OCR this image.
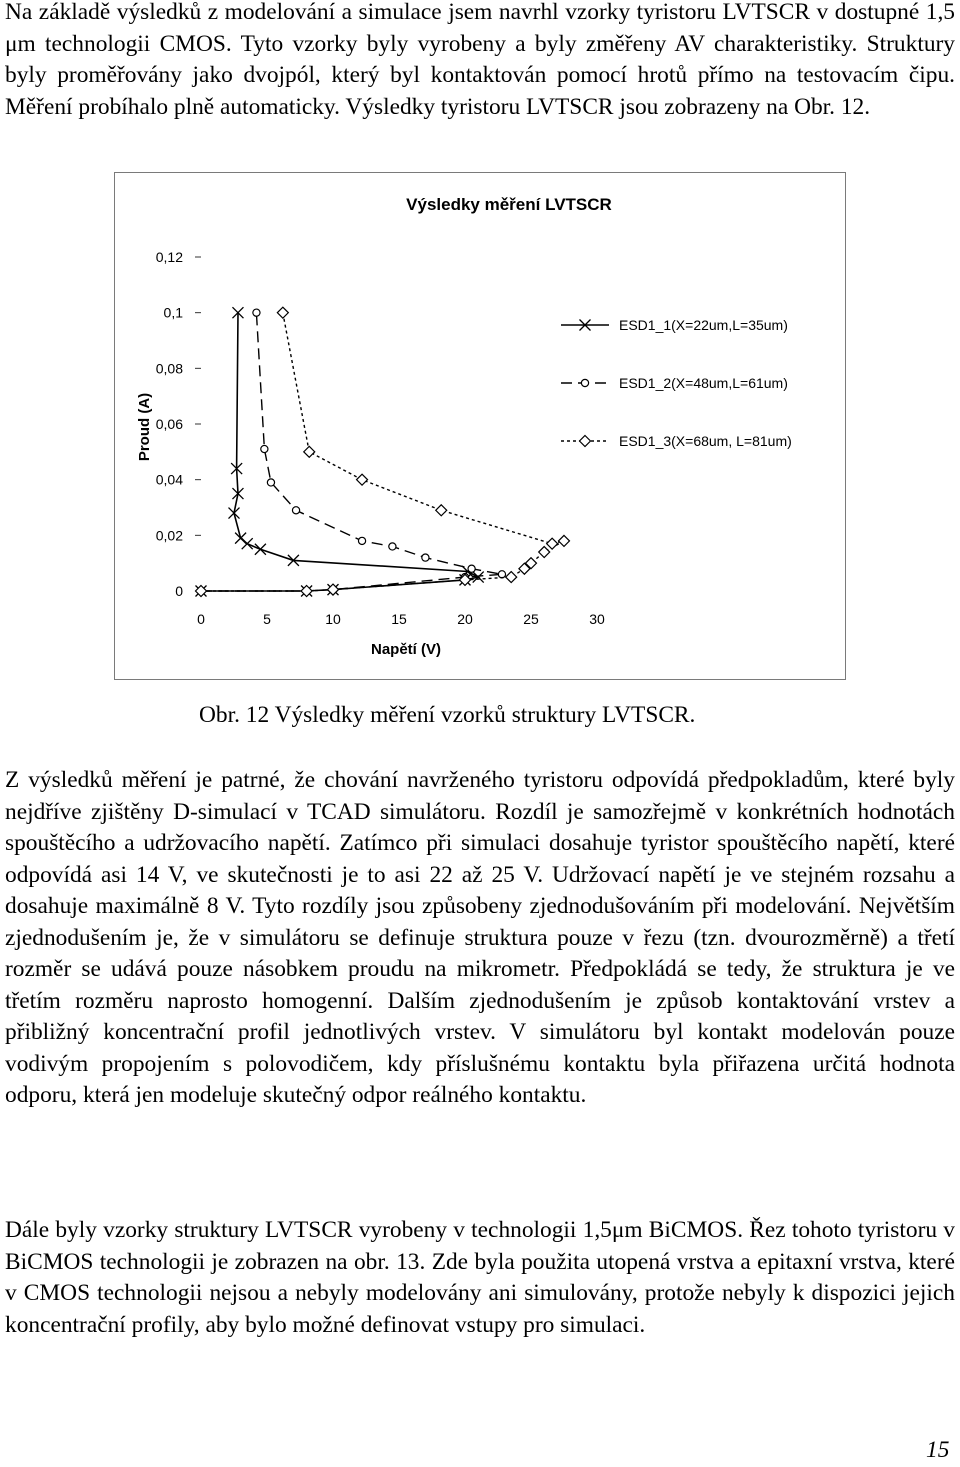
Na základě výsledků z modelování a simulace jsem navrhl vzorky tyristoru LVTSCR v dostupné 1,5 μm technologii CMOS. Tyto vzorky byly vyrobeny a byly změřeny AV charakteristiky. Struktury byly proměřovány jako dvojpól, který byl kontaktován pomocí hrotů přímo na testovacím čipu. Měření probíhalo plně automaticky. Výsledky tyristoru LVTSCR jsou zobrazeny na Obr. 12.

Výsledky měření LVTSCR
Proud (A)
Napětí (V)
0
0,02
0,04
0,06
0,08
0,1
0,12
0	5	10	15	20	25	30
ESD1_1(X=22um,L=35um)
ESD1_2(X=48um,L=61um)
ESD1_3(X=68um, L=81um)

Obr. 12 Výsledky měření vzorků struktury LVTSCR.

Z výsledků měření je patrné, že chování navrženého tyristoru odpovídá předpokladům, které byly nejdříve zjištěny D-simulací v TCAD simulátoru. Rozdíl je samozřejmě v konkrétních hodnotách spouštěcího a udržovacího napětí. Zatímco při simulaci dosahuje tyristor spouštěcího napětí, které odpovídá asi 14 V, ve skutečnosti je to asi 22 až 25 V. Udržovací napětí je ve stejném rozsahu a dosahuje maximálně 8 V. Tyto rozdíly jsou způsobeny zjednodušováním při modelování. Největším zjednodušením je, že v simulátoru se definuje struktura pouze v řezu (tzn. dvourozměrně) a třetí rozměr se udává pouze násobkem proudu na mikrometr. Předpokládá se tedy, že struktura je ve třetím rozměru naprosto homogenní. Dalším zjednodušením je způsob kontaktování vrstev a přibližný koncentrační profil jednotlivých vrstev. V simulátoru byl kontakt modelován pouze vodivým propojením s polovodičem, kdy příslušnému kontaktu byla přiřazena určitá hodnota odporu, která jen modeluje skutečný odpor reálného kontaktu.

Dále byly vzorky struktury LVTSCR vyrobeny v technologii 1,5μm BiCMOS. Řez tohoto tyristoru v BiCMOS technologii je zobrazen na obr. 13. Zde byla použita utopená vrstva a epitaxní vrstva, které v CMOS technologii nejsou a nebyly modelovány ani simulovány, protože nebyly k dispozici jejich koncentrační profily, aby bylo možné definovat vstupy pro simulaci.

15
